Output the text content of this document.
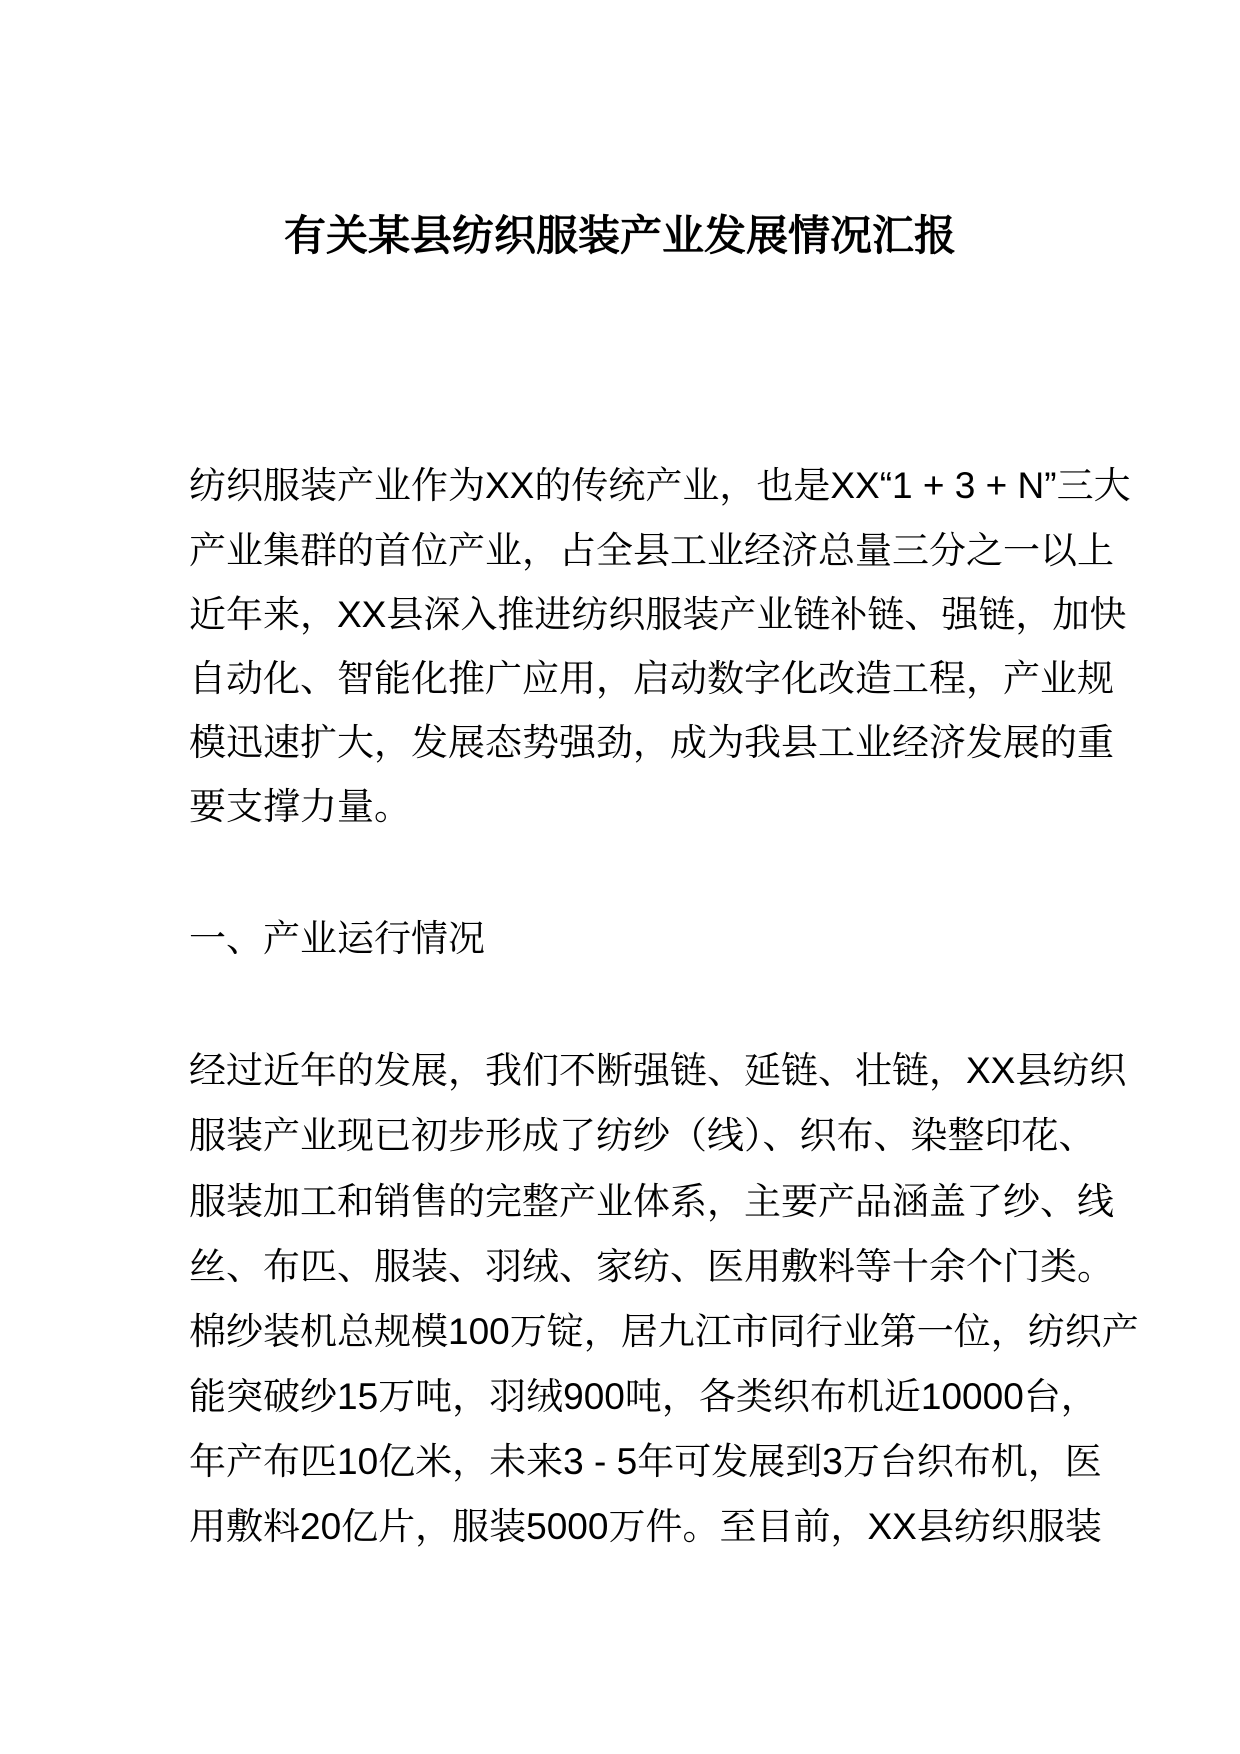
有关某县纺织服装产业发展情况汇报
纺织服装产业作为XX的传统产业，也是XX“1 + 3 + N”三大
产业集群的首位产业，占全县工业经济总量三分之一以上
近年来，XX县深入推进纺织服装产业链补链、强链，加快
自动化、智能化推广应用，启动数字化改造工程，产业规
模迅速扩大，发展态势强劲，成为我县工业经济发展的重
要支撑力量。
一、产业运行情况
经过近年的发展，我们不断强链、延链、壮链，XX县纺织
服装产业现已初步形成了纺纱（线）、织布、染整印花、
服装加工和销售的完整产业体系，主要产品涵盖了纱、线
丝、布匹、服装、羽绒、家纺、医用敷料等十余个门类。
棉纱装机总规模100万锭，居九江市同行业第一位，纺织产
能突破纱15万吨，羽绒900吨，各类织布机近10000台，
年产布匹10亿米，未来3 - 5年可发展到3万台织布机，医
用敷料20亿片，服装5000万件。至目前，XX县纺织服装
